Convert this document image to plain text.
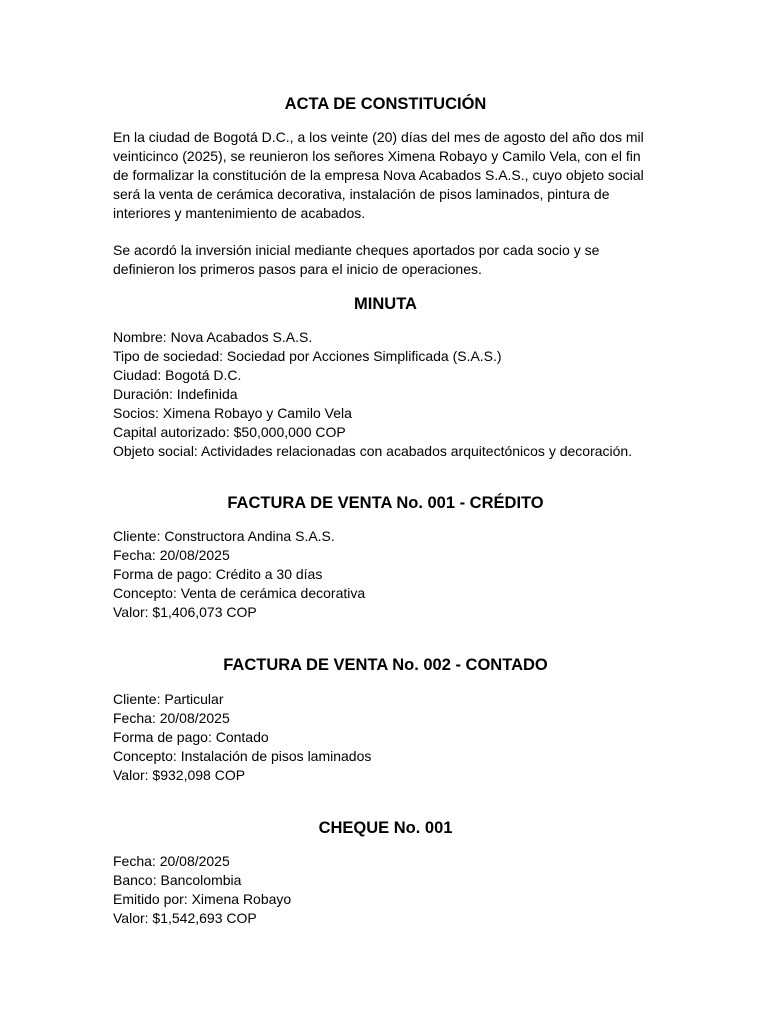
ACTA DE CONSTITUCIÓN

En la ciudad de Bogotá D.C., a los veinte (20) días del mes de agosto del año dos mil veinticinco (2025), se reunieron los señores Ximena Robayo y Camilo Vela, con el fin de formalizar la constitución de la empresa Nova Acabados S.A.S., cuyo objeto social será la venta de cerámica decorativa, instalación de pisos laminados, pintura de interiores y mantenimiento de acabados.

Se acordó la inversión inicial mediante cheques aportados por cada socio y se definieron los primeros pasos para el inicio de operaciones.

MINUTA
Nombre: Nova Acabados S.A.S.
Tipo de sociedad: Sociedad por Acciones Simplificada (S.A.S.)
Ciudad: Bogotá D.C.
Duración: Indefinida
Socios: Ximena Robayo y Camilo Vela
Capital autorizado: $50,000,000 COP
Objeto social: Actividades relacionadas con acabados arquitectónicos y decoración.
FACTURA DE VENTA No. 001 - CRÉDITO
Cliente: Constructora Andina S.A.S.
Fecha: 20/08/2025
Forma de pago: Crédito a 30 días
Concepto: Venta de cerámica decorativa
Valor: $1,406,073 COP
FACTURA DE VENTA No. 002 - CONTADO
Cliente: Particular
Fecha: 20/08/2025
Forma de pago: Contado
Concepto: Instalación de pisos laminados
Valor: $932,098 COP
CHEQUE No. 001
Fecha: 20/08/2025
Banco: Bancolombia
Emitido por: Ximena Robayo
Valor: $1,542,693 COP
